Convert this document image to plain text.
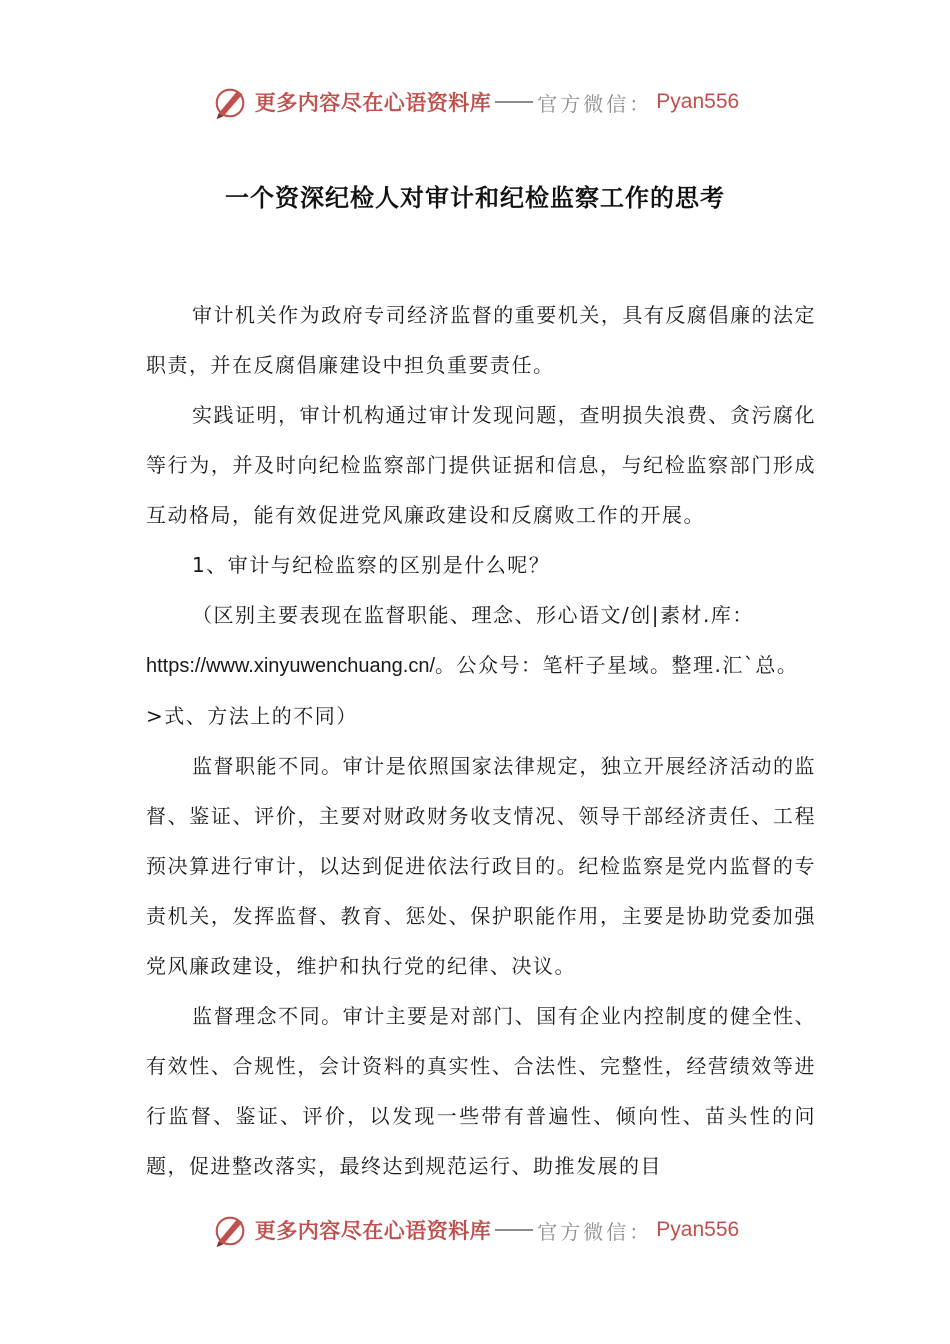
更多内容尽在心语资料库 官方微信： Pyan556
一个资深纪检人对审计和纪检监察工作的思考

审计机关作为政府专司经济监督的重要机关，具有反腐倡廉的法定职责，并在反腐倡廉建设中担负重要责任。

实践证明，审计机构通过审计发现问题，查明损失浪费、贪污腐化等行为，并及时向纪检监察部门提供证据和信息，与纪检监察部门形成互动格局，能有效促进党风廉政建设和反腐败工作的开展。

1、审计与纪检监察的区别是什么呢？

（区别主要表现在监督职能、理念、形心语文/创|素材.库：

https://www.xinyuwenchuang.cn/。公众号：笔杆子星域。整理.汇`总。

>式、方法上的不同）

监督职能不同。审计是依照国家法律规定，独立开展经济活动的监督、鉴证、评价，主要对财政财务收支情况、领导干部经济责任、工程预决算进行审计，以达到促进依法行政目的。纪检监察是党内监督的专责机关，发挥监督、教育、惩处、保护职能作用，主要是协助党委加强党风廉政建设，维护和执行党的纪律、决议。

监督理念不同。审计主要是对部门、国有企业内控制度的健全性、有效性、合规性，会计资料的真实性、合法性、完整性，经营绩效等进行监督、鉴证、评价，以发现一些带有普遍性、倾向性、苗头性的问题，促进整改落实，最终达到规范运行、助推发展的目

更多内容尽在心语资料库 官方微信： Pyan556
